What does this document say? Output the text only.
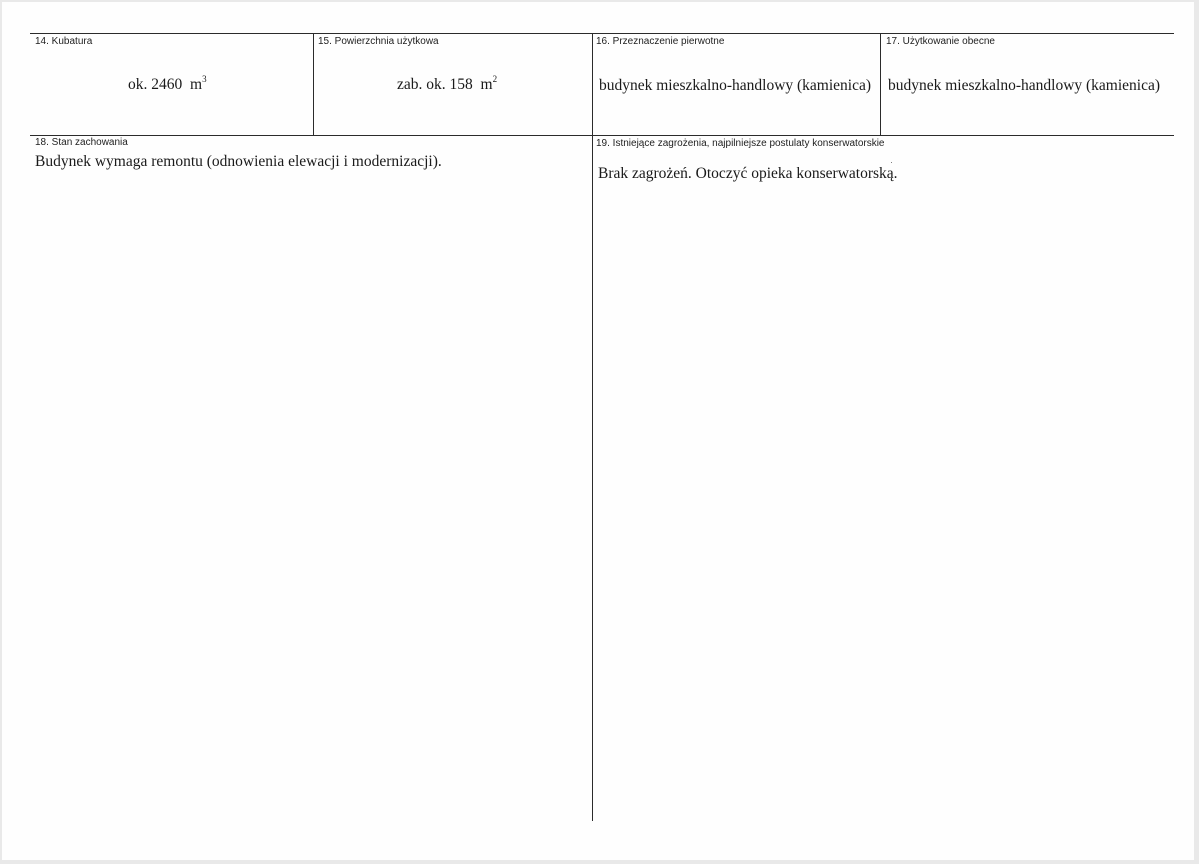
14. Kubatura
ok. 2460  $m^3$
15. Powierzchnia użytkowa
zab. ok. 158  $m^2$
16. Przeznaczenie pierwotne
budynek mieszkalno-handlowy (kamienica)
17. Użytkowanie obecne
budynek mieszkalno-handlowy (kamienica)
18. Stan zachowania
Budynek wymaga remontu (odnowienia elewacji i modernizacji).
19. Istniejące zagrożenia, najpilniejsze postulaty konserwatorskie
Brak zagrożeń. Otoczyć opieka konserwatorską.
